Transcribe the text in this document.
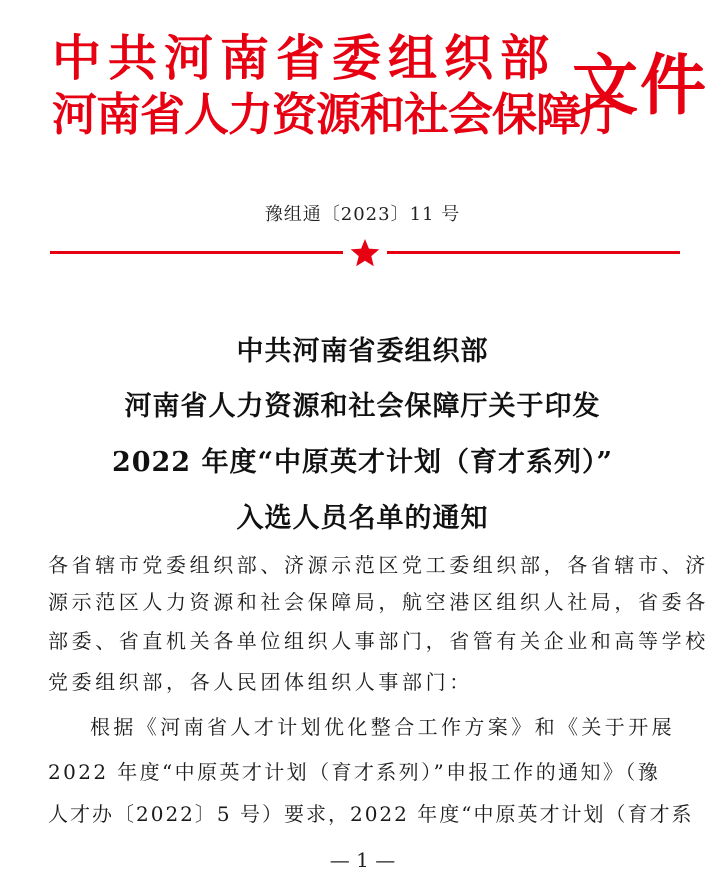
中共河南省委组织部
河南省人力资源和社会保障厅
文件
豫组通〔2023〕11 号
中共河南省委组织部
河南省人力资源和社会保障厅关于印发
2022 年度“中原英才计划（育才系列）”
入选人员名单的通知
各省辖市党委组织部、济源示范区党工委组织部，各省辖市、济
源示范区人力资源和社会保障局，航空港区组织人社局，省委各
部委、省直机关各单位组织人事部门，省管有关企业和高等学校
党委组织部，各人民团体组织人事部门：
根据《河南省人才计划优化整合工作方案》和《关于开展
2022 年度“中原英才计划（育才系列）”申报工作的通知》（豫
人才办〔2022〕5 号）要求，2022 年度“中原英才计划（育才系
— 1 —
